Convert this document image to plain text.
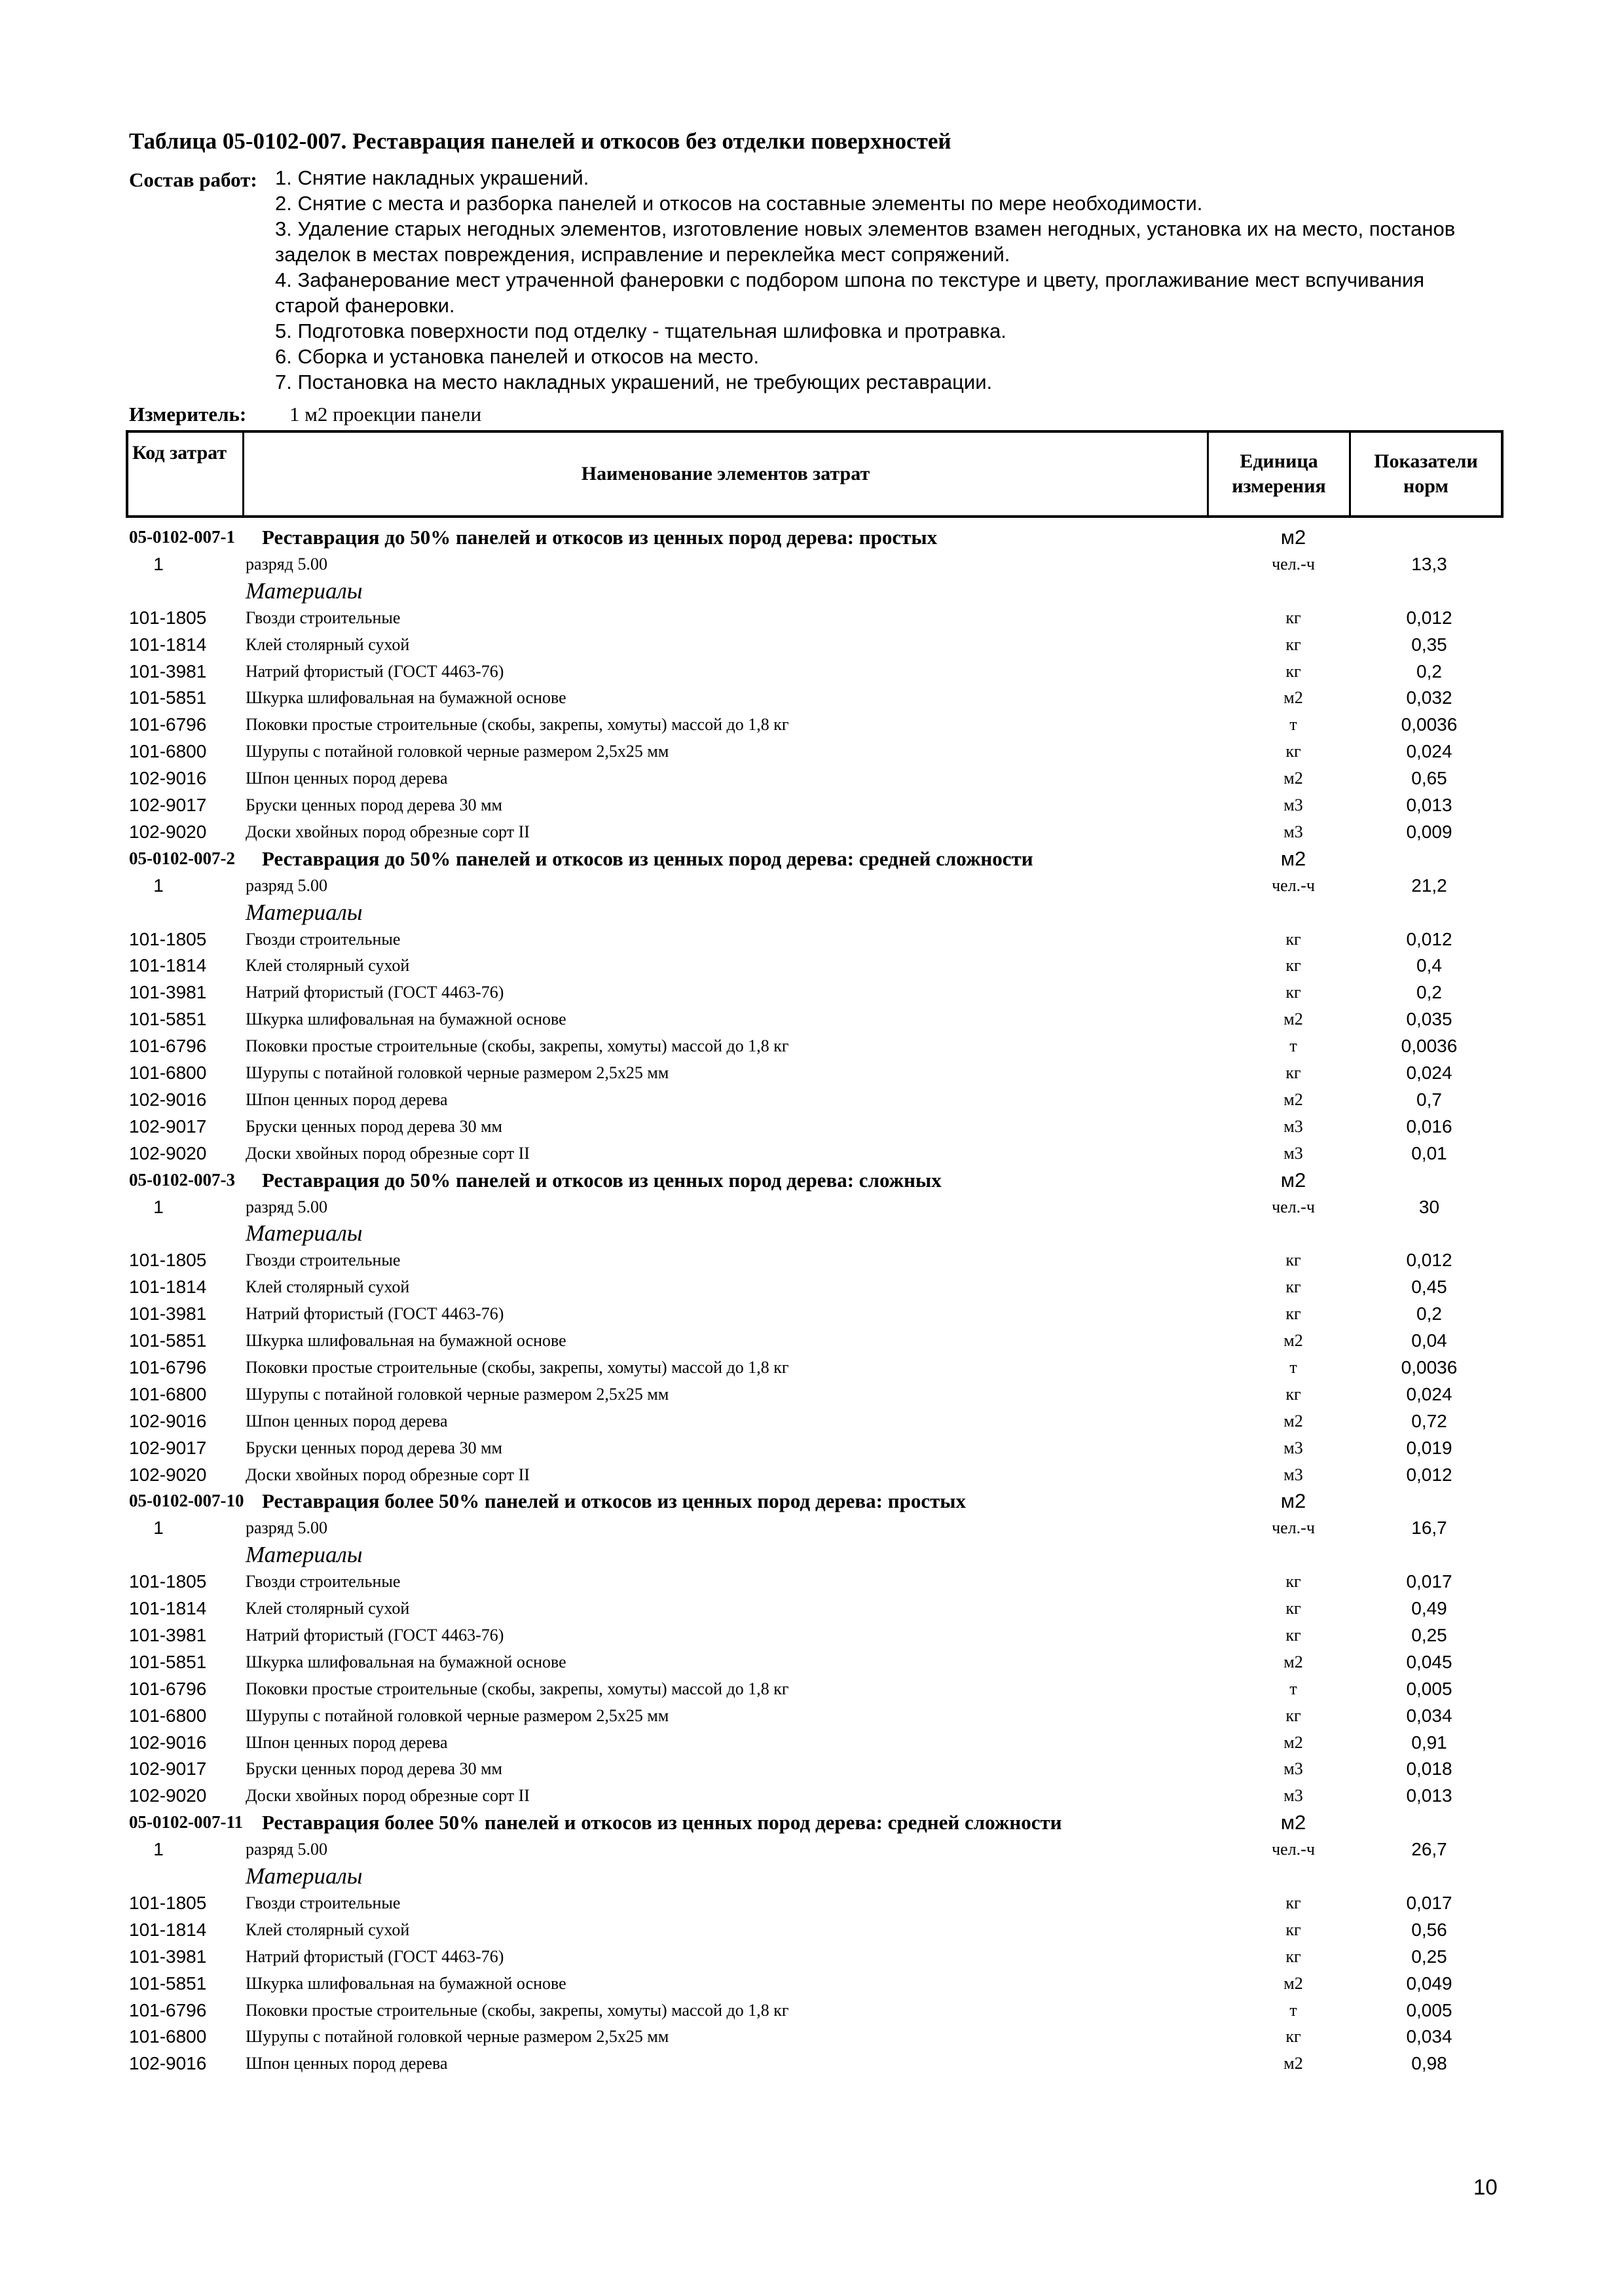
Таблица 05-0102-007. Реставрация панелей и откосов без отделки поверхностей
Состав работ: 1. Снятие накладных украшений.
2. Снятие с места и разборка панелей и откосов на составные элементы по мере необходимости.
3. Удаление старых негодных элементов, изготовление новых элементов взамен негодных, установка их на место, постанов
заделок в местах повреждения, исправление и переклейка мест сопряжений.
4. Зафанерование мест утраченной фанеровки с подбором шпона по текстуре и цвету, проглаживание мест вспучивания
старой фанеровки.
5. Подготовка поверхности под отделку - тщательная шлифовка и протравка.
6. Сборка и установка панелей и откосов на место.
7. Постановка на место накладных украшений, не требующих реставрации.
Измеритель: 1 м2 проекции панели
Код затрат
Наименование элементов затрат
Единица измерения
Показатели норм
05-0102-007-1 Реставрация до 50% панелей и откосов из ценных пород дерева: простых	м2
1	разряд 5.00	чел.-ч	13,3
Материалы
101-1805 Гвозди строительные	кг	0,012
101-1814 Клей столярный сухой	кг	0,35
101-3981 Натрий фтористый (ГОСТ 4463-76)	кг	0,2
101-5851 Шкурка шлифовальная на бумажной основе	м2	0,032
101-6796 Поковки простые строительные (скобы, закрепы, хомуты) массой до 1,8 кг	т	0,0036
101-6800 Шурупы с потайной головкой черные размером 2,5x25 мм	кг	0,024
102-9016 Шпон ценных пород дерева	м2	0,65
102-9017 Бруски ценных пород дерева 30 мм	м3	0,013
102-9020 Доски хвойных пород обрезные сорт II	м3	0,009
05-0102-007-2 Реставрация до 50% панелей и откосов из ценных пород дерева: средней сложности	м2
1	разряд 5.00	чел.-ч	21,2
Материалы
101-1805 Гвозди строительные	кг	0,012
101-1814 Клей столярный сухой	кг	0,4
101-3981 Натрий фтористый (ГОСТ 4463-76)	кг	0,2
101-5851 Шкурка шлифовальная на бумажной основе	м2	0,035
101-6796 Поковки простые строительные (скобы, закрепы, хомуты) массой до 1,8 кг	т	0,0036
101-6800 Шурупы с потайной головкой черные размером 2,5x25 мм	кг	0,024
102-9016 Шпон ценных пород дерева	м2	0,7
102-9017 Бруски ценных пород дерева 30 мм	м3	0,016
102-9020 Доски хвойных пород обрезные сорт II	м3	0,01
05-0102-007-3 Реставрация до 50% панелей и откосов из ценных пород дерева: сложных	м2
1	разряд 5.00	чел.-ч	30
Материалы
101-1805 Гвозди строительные	кг	0,012
101-1814 Клей столярный сухой	кг	0,45
101-3981 Натрий фтористый (ГОСТ 4463-76)	кг	0,2
101-5851 Шкурка шлифовальная на бумажной основе	м2	0,04
101-6796 Поковки простые строительные (скобы, закрепы, хомуты) массой до 1,8 кг	т	0,0036
101-6800 Шурупы с потайной головкой черные размером 2,5x25 мм	кг	0,024
102-9016 Шпон ценных пород дерева	м2	0,72
102-9017 Бруски ценных пород дерева 30 мм	м3	0,019
102-9020 Доски хвойных пород обрезные сорт II	м3	0,012
05-0102-007-10 Реставрация более 50% панелей и откосов из ценных пород дерева: простых	м2
1	разряд 5.00	чел.-ч	16,7
Материалы
101-1805 Гвозди строительные	кг	0,017
101-1814 Клей столярный сухой	кг	0,49
101-3981 Натрий фтористый (ГОСТ 4463-76)	кг	0,25
101-5851 Шкурка шлифовальная на бумажной основе	м2	0,045
101-6796 Поковки простые строительные (скобы, закрепы, хомуты) массой до 1,8 кг	т	0,005
101-6800 Шурупы с потайной головкой черные размером 2,5x25 мм	кг	0,034
102-9016 Шпон ценных пород дерева	м2	0,91
102-9017 Бруски ценных пород дерева 30 мм	м3	0,018
102-9020 Доски хвойных пород обрезные сорт II	м3	0,013
05-0102-007-11 Реставрация более 50% панелей и откосов из ценных пород дерева: средней сложности	м2
1	разряд 5.00	чел.-ч	26,7
Материалы
101-1805 Гвозди строительные	кг	0,017
101-1814 Клей столярный сухой	кг	0,56
101-3981 Натрий фтористый (ГОСТ 4463-76)	кг	0,25
101-5851 Шкурка шлифовальная на бумажной основе	м2	0,049
101-6796 Поковки простые строительные (скобы, закрепы, хомуты) массой до 1,8 кг	т	0,005
101-6800 Шурупы с потайной головкой черные размером 2,5x25 мм	кг	0,034
102-9016 Шпон ценных пород дерева	м2	0,98
10
